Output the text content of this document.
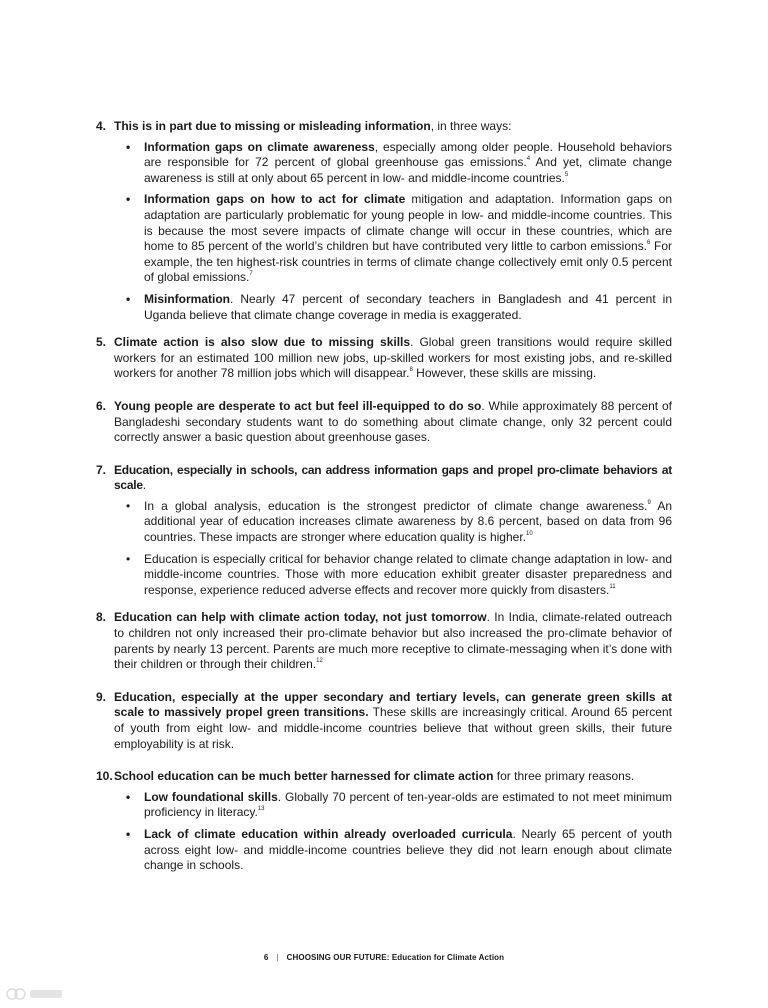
4. This is in part due to missing or misleading information, in three ways:
• Information gaps on climate awareness, especially among older people. Household behaviors are responsible for 72 percent of global greenhouse gas emissions.$^4$ And yet, climate change awareness is still at only about 65 percent in low- and middle-income countries.$^5$
• Information gaps on how to act for climate mitigation and adaptation. Information gaps on adaptation are particularly problematic for young people in low- and middle-income countries. This is because the most severe impacts of climate change will occur in these countries, which are home to 85 percent of the world’s children but have contributed very little to carbon emissions.$^6$ For example, the ten highest-risk countries in terms of climate change collectively emit only 0.5 percent of global emissions.$^7$
• Misinformation. Nearly 47 percent of secondary teachers in Bangladesh and 41 percent in Uganda believe that climate change coverage in media is exaggerated.
5. Climate action is also slow due to missing skills. Global green transitions would require skilled workers for an estimated 100 million new jobs, up-skilled workers for most existing jobs, and re-skilled workers for another 78 million jobs which will disappear.$^8$ However, these skills are missing.
6. Young people are desperate to act but feel ill-equipped to do so. While approximately 88 percent of Bangladeshi secondary students want to do something about climate change, only 32 percent could correctly answer a basic question about greenhouse gases.
7. Education, especially in schools, can address information gaps and propel pro-climate behaviors at scale.
• In a global analysis, education is the strongest predictor of climate change awareness.$^9$ An additional year of education increases climate awareness by 8.6 percent, based on data from 96 countries. These impacts are stronger where education quality is higher.$^{10}$
• Education is especially critical for behavior change related to climate change adaptation in low- and middle-income countries. Those with more education exhibit greater disaster preparedness and response, experience reduced adverse effects and recover more quickly from disasters.$^{11}$
8. Education can help with climate action today, not just tomorrow. In India, climate-related outreach to children not only increased their pro-climate behavior but also increased the pro-climate behavior of parents by nearly 13 percent. Parents are much more receptive to climate-messaging when it’s done with their children or through their children.$^{12}$
9. Education, especially at the upper secondary and tertiary levels, can generate green skills at scale to massively propel green transitions. These skills are increasingly critical. Around 65 percent of youth from eight low- and middle-income countries believe that without green skills, their future employability is at risk.
10. School education can be much better harnessed for climate action for three primary reasons.
• Low foundational skills. Globally 70 percent of ten-year-olds are estimated to not meet minimum proficiency in literacy.$^{13}$
• Lack of climate education within already overloaded curricula. Nearly 65 percent of youth across eight low- and middle-income countries believe they did not learn enough about climate change in schools.
6 | CHOOSING OUR FUTURE: Education for Climate Action
